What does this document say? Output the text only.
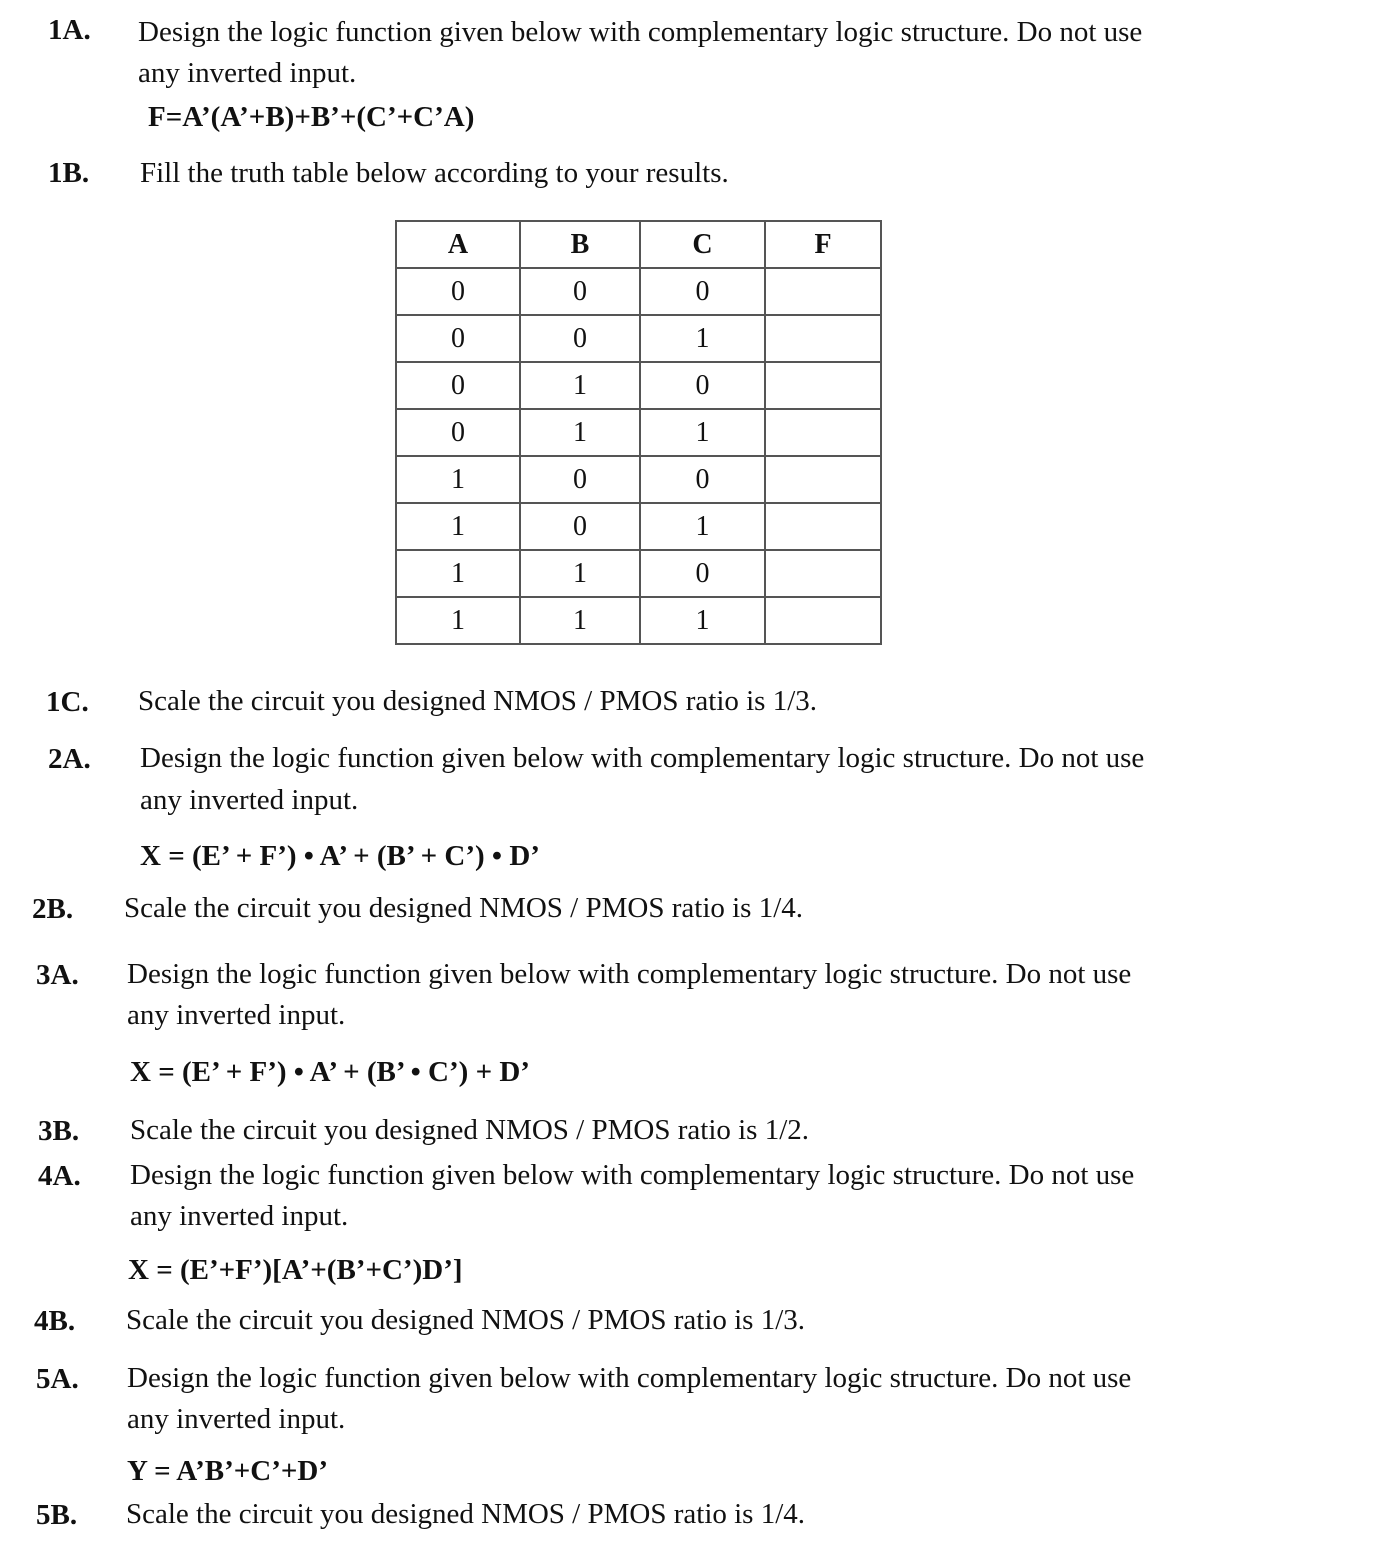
1A. Design the logic function given below with complementary logic structure. Do not use
any inverted input.
F=A’(A’+B)+B’+(C’+C’A)
1B. Fill the truth table below according to your results.
A	B	C	F
0	0	0	
0	0	1	
0	1	0	
0	1	1	
1	0	0	
1	0	1	
1	1	0	
1	1	1	
1C. Scale the circuit you designed NMOS / PMOS ratio is 1/3.
2A. Design the logic function given below with complementary logic structure. Do not use
any inverted input.
X = (E’ + F’) • A’ + (B’ + C’) • D’
2B. Scale the circuit you designed NMOS / PMOS ratio is 1/4.
3A. Design the logic function given below with complementary logic structure. Do not use
any inverted input.
X = (E’ + F’) • A’ + (B’ • C’) + D’
3B. Scale the circuit you designed NMOS / PMOS ratio is 1/2.
4A. Design the logic function given below with complementary logic structure. Do not use
any inverted input.
X = (E’+F’)[A’+(B’+C’)D’]
4B. Scale the circuit you designed NMOS / PMOS ratio is 1/3.
5A. Design the logic function given below with complementary logic structure. Do not use
any inverted input.
Y = A’B’+C’+D’
5B. Scale the circuit you designed NMOS / PMOS ratio is 1/4.
